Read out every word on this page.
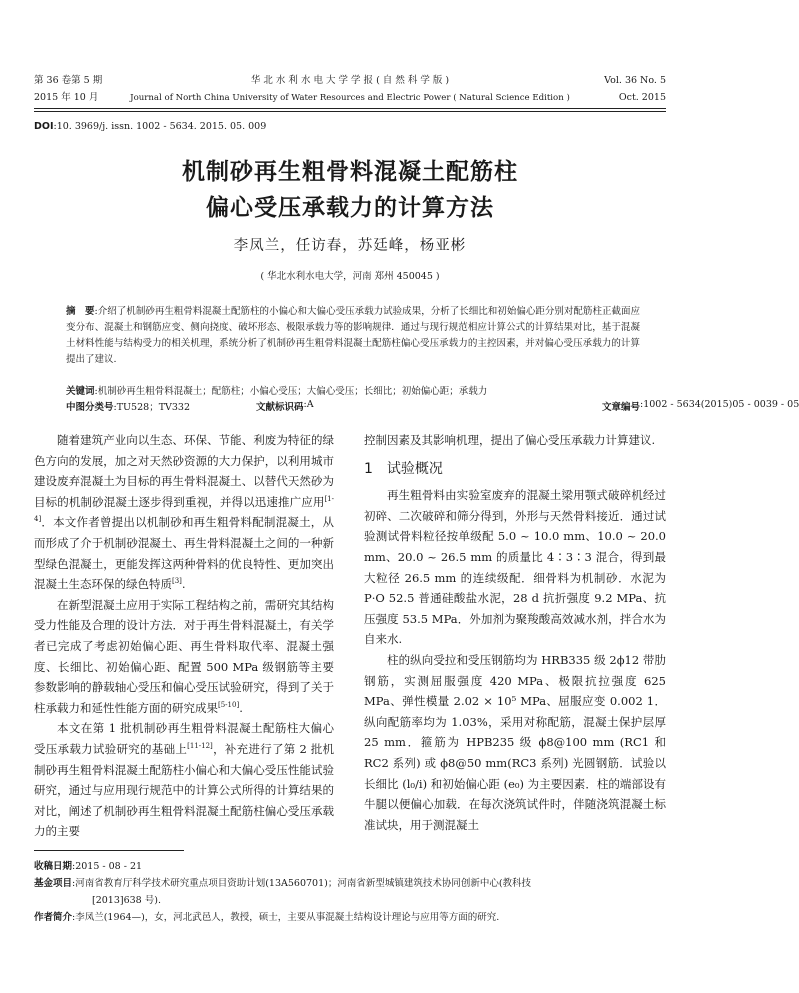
第 36 卷第 5 期	华 北 水 利 水 电 大 学 学 报 ( 自 然 科 学 版 )	Vol. 36 No. 5
2015 年 10 月	Journal of North China University of Water Resources and Electric Power ( Natural Science Edition )	Oct. 2015
DOI:10. 3969/j. issn. 1002 - 5634. 2015. 05. 009
机制砂再生粗骨料混凝土配筋柱
偏心受压承载力的计算方法
李凤兰，任访春，苏廷峰，杨亚彬
( 华北水利水电大学，河南 郑州 450045 )
摘　要:介绍了机制砂再生粗骨料混凝土配筋柱的小偏心和大偏心受压承载力试验成果，分析了长细比和初始偏心距分别对配筋柱正截面应变分布、混凝土和钢筋应变、侧向挠度、破坏形态、极限承载力等的影响规律．通过与现行规范相应计算公式的计算结果对比，基于混凝土材料性能与结构受力的相关机理，系统分析了机制砂再生粗骨料混凝土配筋柱偏心受压承载力的主控因素，并对偏心受压承载力的计算提出了建议.
关键词:机制砂再生粗骨料混凝土；配筋柱；小偏心受压；大偏心受压；长细比；初始偏心距；承载力
中图分类号 :TU528；TV332	文献标识码 :A	文章编号 :1002 - 5634(2015)05 - 0039 - 05

随着建筑产业向以生态、环保、节能、利废为特征的绿色方向的发展，加之对天然砂资源的大力保护，以利用城市建设废弃混凝土为目标的再生骨料混凝土、以替代天然砂为目标的机制砂混凝土逐步得到重视，并得以迅速推广应用[1-4]．本文作者曾提出以机制砂和再生粗骨料配制混凝土，从而形成了介于机制砂混凝土、再生骨料混凝土之间的一种新型绿色混凝土，更能发挥这两种骨料的优良特性、更加突出混凝土生态环保的绿色特质[3].

在新型混凝土应用于实际工程结构之前，需研究其结构受力性能及合理的设计方法．对于再生骨料混凝土，有关学者已完成了考虑初始偏心距、再生骨料取代率、混凝土强度、长细比、初始偏心距、配置 500 MPa 级钢筋等主要参数影响的静载轴心受压和偏心受压试验研究，得到了关于柱承载力和延性性能方面的研究成果[5-10].

本文在第 1 批机制砂再生粗骨料混凝土配筋柱大偏心受压承载力试验研究的基础上[11-12]，补充进行了第 2 批机制砂再生粗骨料混凝土配筋柱小偏心和大偏心受压性能试验研究，通过与应用现行规范中的计算公式所得的计算结果的对比，阐述了机制砂再生粗骨料混凝土配筋柱偏心受压承载力的主要

控制因素及其影响机理，提出了偏心受压承载力计算建议.

1　试验概况

再生粗骨料由实验室废弃的混凝土梁用颚式破碎机经过初碎、二次破碎和筛分得到，外形与天然骨料接近．通过试验测试骨料粒径按单级配 5.0 ~ 10.0 mm、10.0 ~ 20.0 mm、20.0 ~ 26.5 mm 的质量比 4∶3∶3 混合，得到最大粒径 26.5 mm 的连续级配．细骨料为机制砂．水泥为 P·O 52.5 普通硅酸盐水泥，28 d 抗折强度 9.2 MPa、抗压强度 53.5 MPa．外加剂为聚羧酸高效减水剂，拌合水为自来水.

柱的纵向受拉和受压钢筋均为 HRB335 级 2ϕ12 带肋钢筋，实测屈服强度 420 MPa、极限抗拉强度 625 MPa、弹性模量 2.02 × 10⁵ MPa、屈服应变 0.002 1．纵向配筋率均为 1.03%，采用对称配筋，混凝土保护层厚 25 mm．箍筋为 HPB235 级 ϕ8@100 mm (RC1 和 RC2 系列) 或 ϕ8@50 mm(RC3 系列) 光圆钢筋．试验以长细比 (l₀/i) 和初始偏心距 (e₀) 为主要因素．柱的端部设有牛腿以便偏心加载．在每次浇筑试件时，伴随浇筑混凝土标准试块，用于测混凝土

收稿日期:2015 - 08 - 21

基金项目:河南省教育厅科学技术研究重点项目资助计划(13A560701)；河南省新型城镇建筑技术协同创新中心(教科技

[2013]638 号).

作者简介:李凤兰(1964—)，女，河北武邑人，教授，硕士，主要从事混凝土结构设计理论与应用等方面的研究.
